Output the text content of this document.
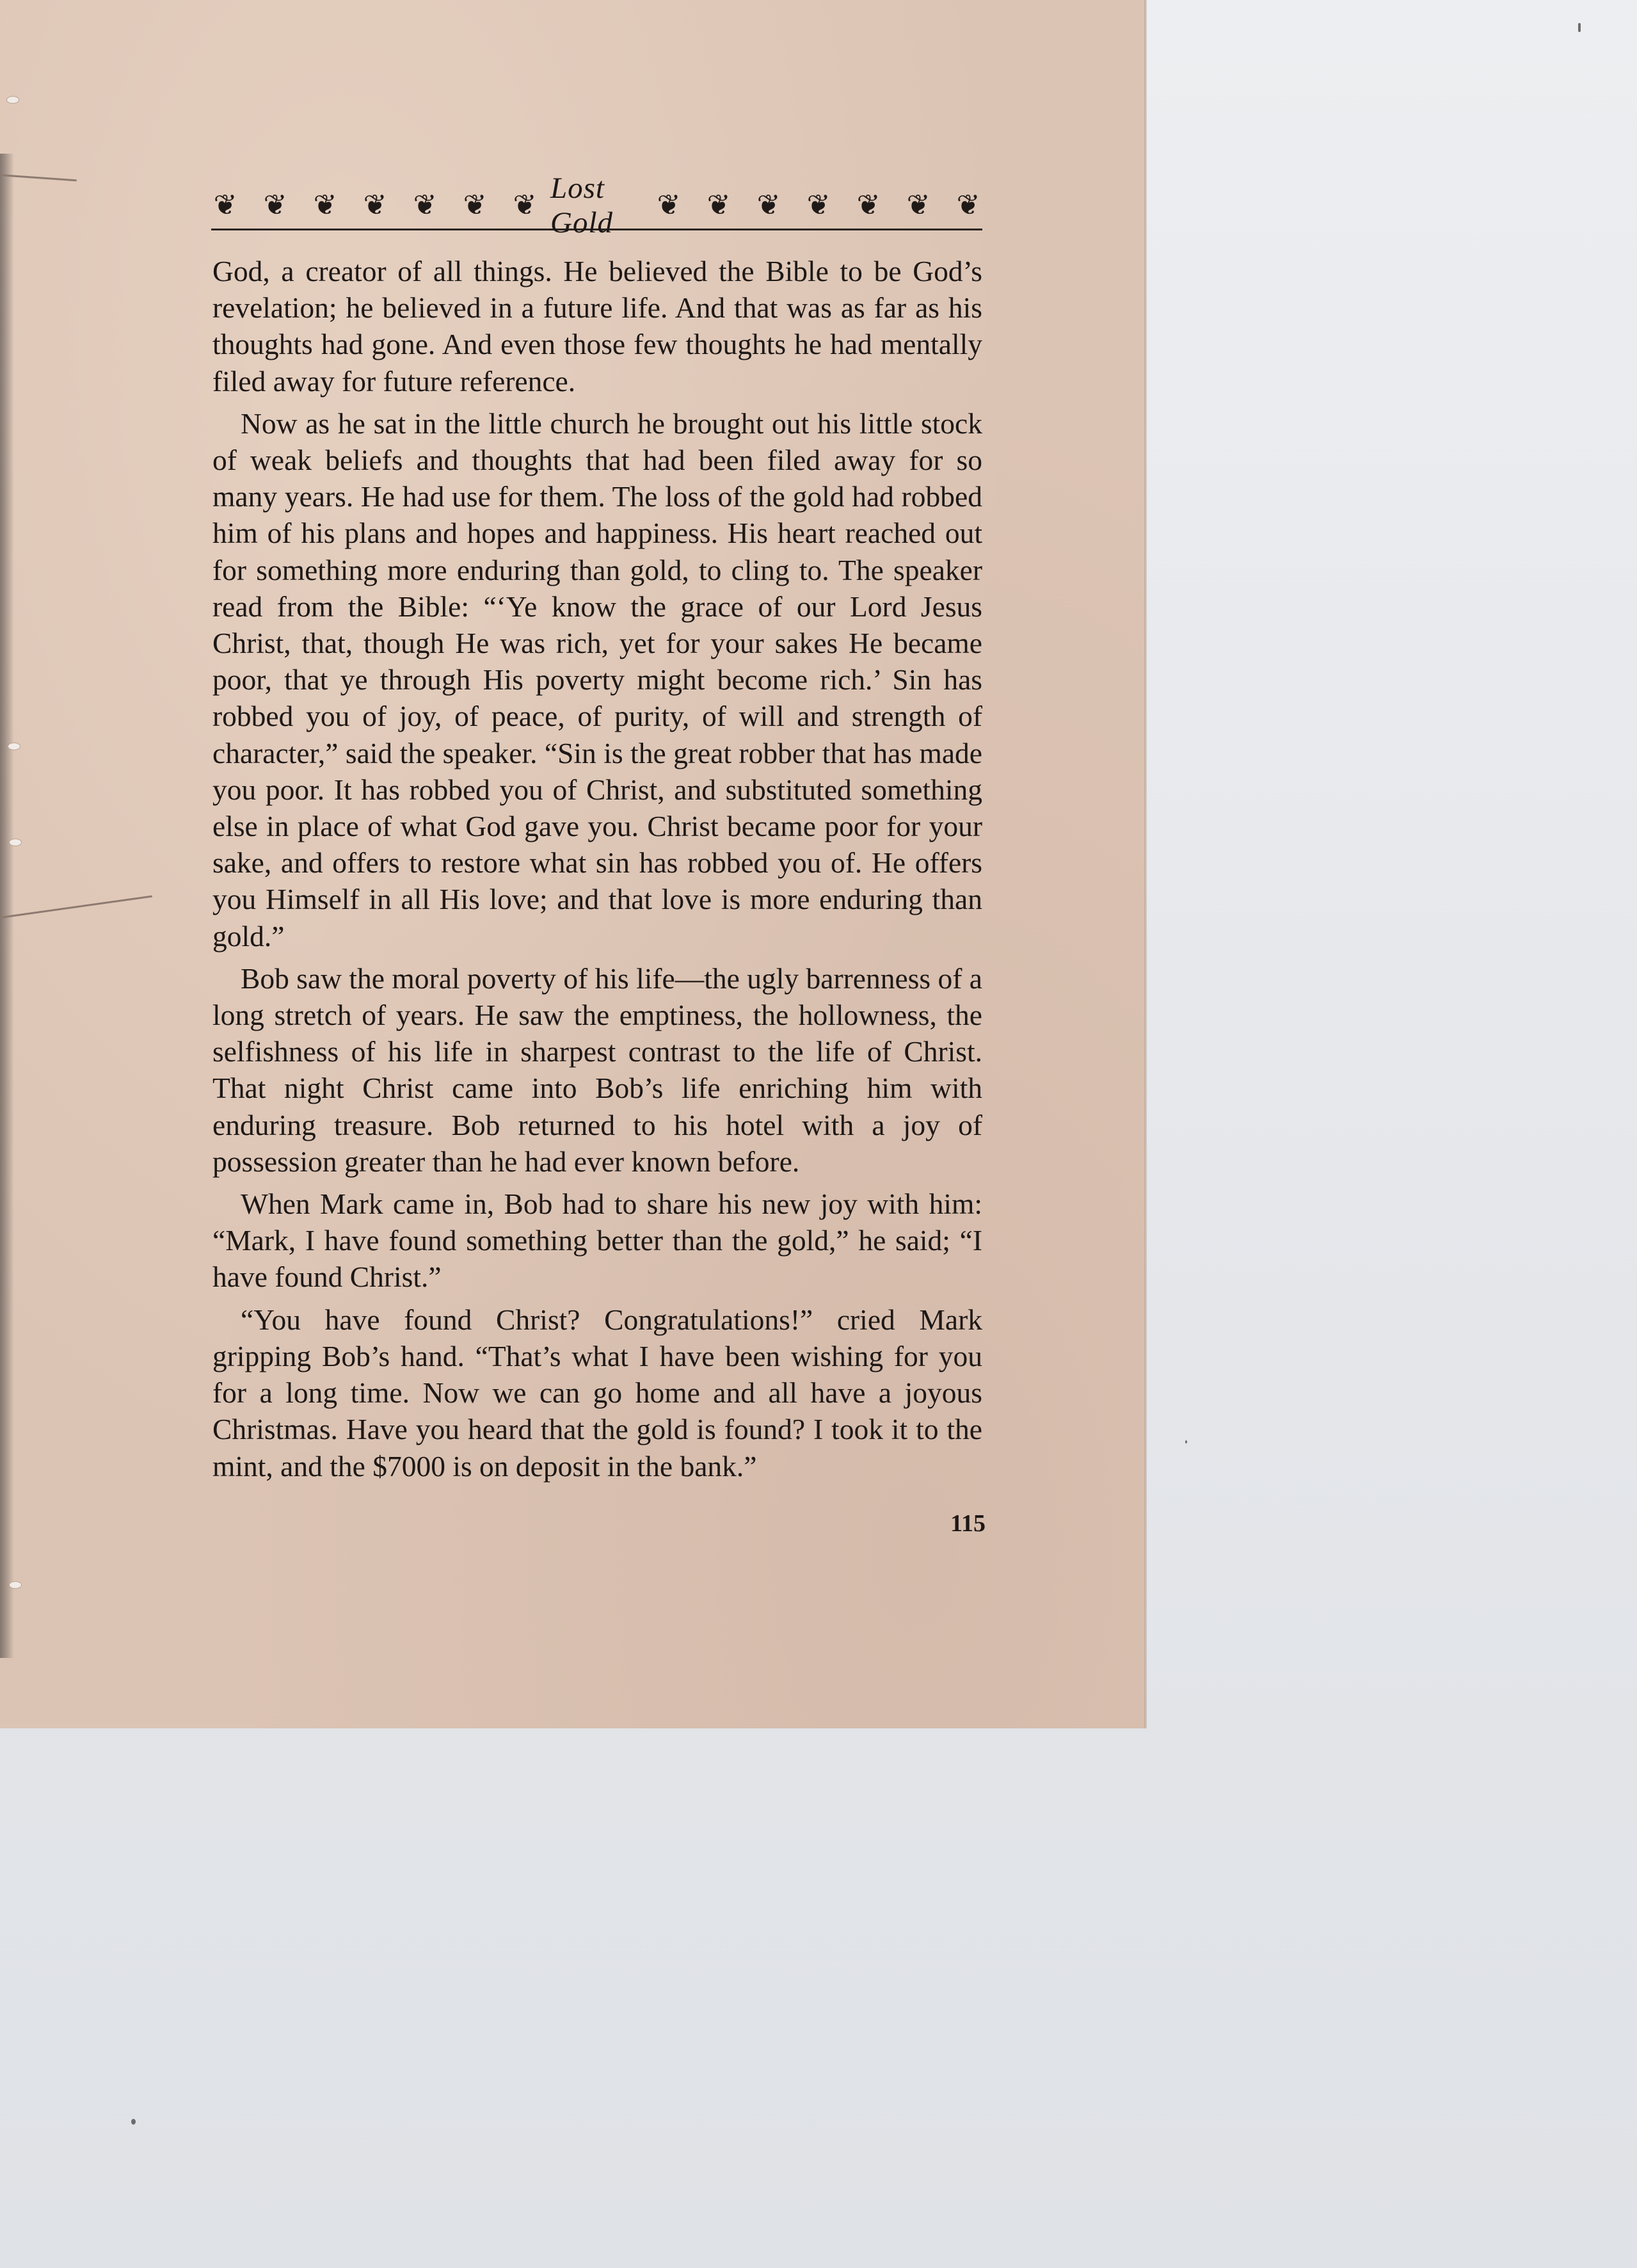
❦ ❦ ❦ ❦ ❦ ❦ ❦
Lost Gold
❦ ❦ ❦ ❦ ❦ ❦ ❦

God, a creator of all things. He believed the Bible to be God’s revelation; he believed in a future life. And that was as far as his thoughts had gone. And even those few thoughts he had mentally filed away for future reference.

Now as he sat in the little church he brought out his little stock of weak beliefs and thoughts that had been filed away for so many years. He had use for them. The loss of the gold had robbed him of his plans and hopes and happiness. His heart reached out for something more enduring than gold, to cling to. The speaker read from the Bible: “‘Ye know the grace of our Lord Jesus Christ, that, though He was rich, yet for your sakes He became poor, that ye through His poverty might become rich.’ Sin has robbed you of joy, of peace, of purity, of will and strength of character,” said the speaker. “Sin is the great robber that has made you poor. It has robbed you of Christ, and substituted something else in place of what God gave you. Christ became poor for your sake, and offers to restore what sin has robbed you of. He offers you Himself in all His love; and that love is more enduring than gold.”

Bob saw the moral poverty of his life—the ugly barrenness of a long stretch of years. He saw the emptiness, the hollowness, the selfishness of his life in sharpest contrast to the life of Christ. That night Christ came into Bob’s life enriching him with enduring treasure. Bob returned to his hotel with a joy of possession greater than he had ever known before.

When Mark came in, Bob had to share his new joy with him: “Mark, I have found something better than the gold,” he said; “I have found Christ.”

“You have found Christ? Congratulations!” cried Mark gripping Bob’s hand. “That’s what I have been wishing for you for a long time. Now we can go home and all have a joyous Christmas. Have you heard that the gold is found? I took it to the mint, and the $7000 is on deposit in the bank.”

115
